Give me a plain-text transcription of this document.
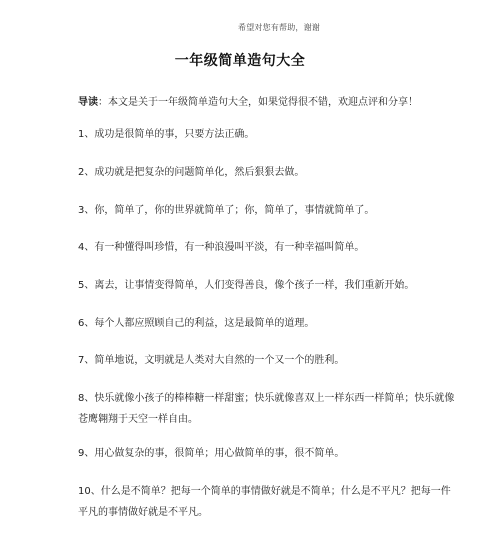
希望对您有帮助，谢谢
一年级简单造句大全
导读：本文是关于一年级简单造句大全，如果觉得很不错，欢迎点评和分享！
1、成功是很简单的事，只要方法正确。
2、成功就是把复杂的问题简单化，然后狠狠去做。
3、你，简单了，你的世界就简单了；你，简单了，事情就简单了。
4、有一种懂得叫珍惜，有一种浪漫叫平淡，有一种幸福叫简单。
5、离去，让事情变得简单，人们变得善良，像个孩子一样，我们重新开始。
6、每个人都应照顾自己的利益，这是最简单的道理。
7、简单地说，文明就是人类对大自然的一个又一个的胜利。
8、快乐就像小孩子的棒棒糖一样甜蜜；快乐就像喜双上一样东西一样简单；快乐就像
苍鹰翱翔于天空一样自由。
9、用心做复杂的事，很简单；用心做简单的事，很不简单。
10、什么是不简单？把每一个简单的事情做好就是不简单；什么是不平凡？把每一件
平凡的事情做好就是不平凡。
